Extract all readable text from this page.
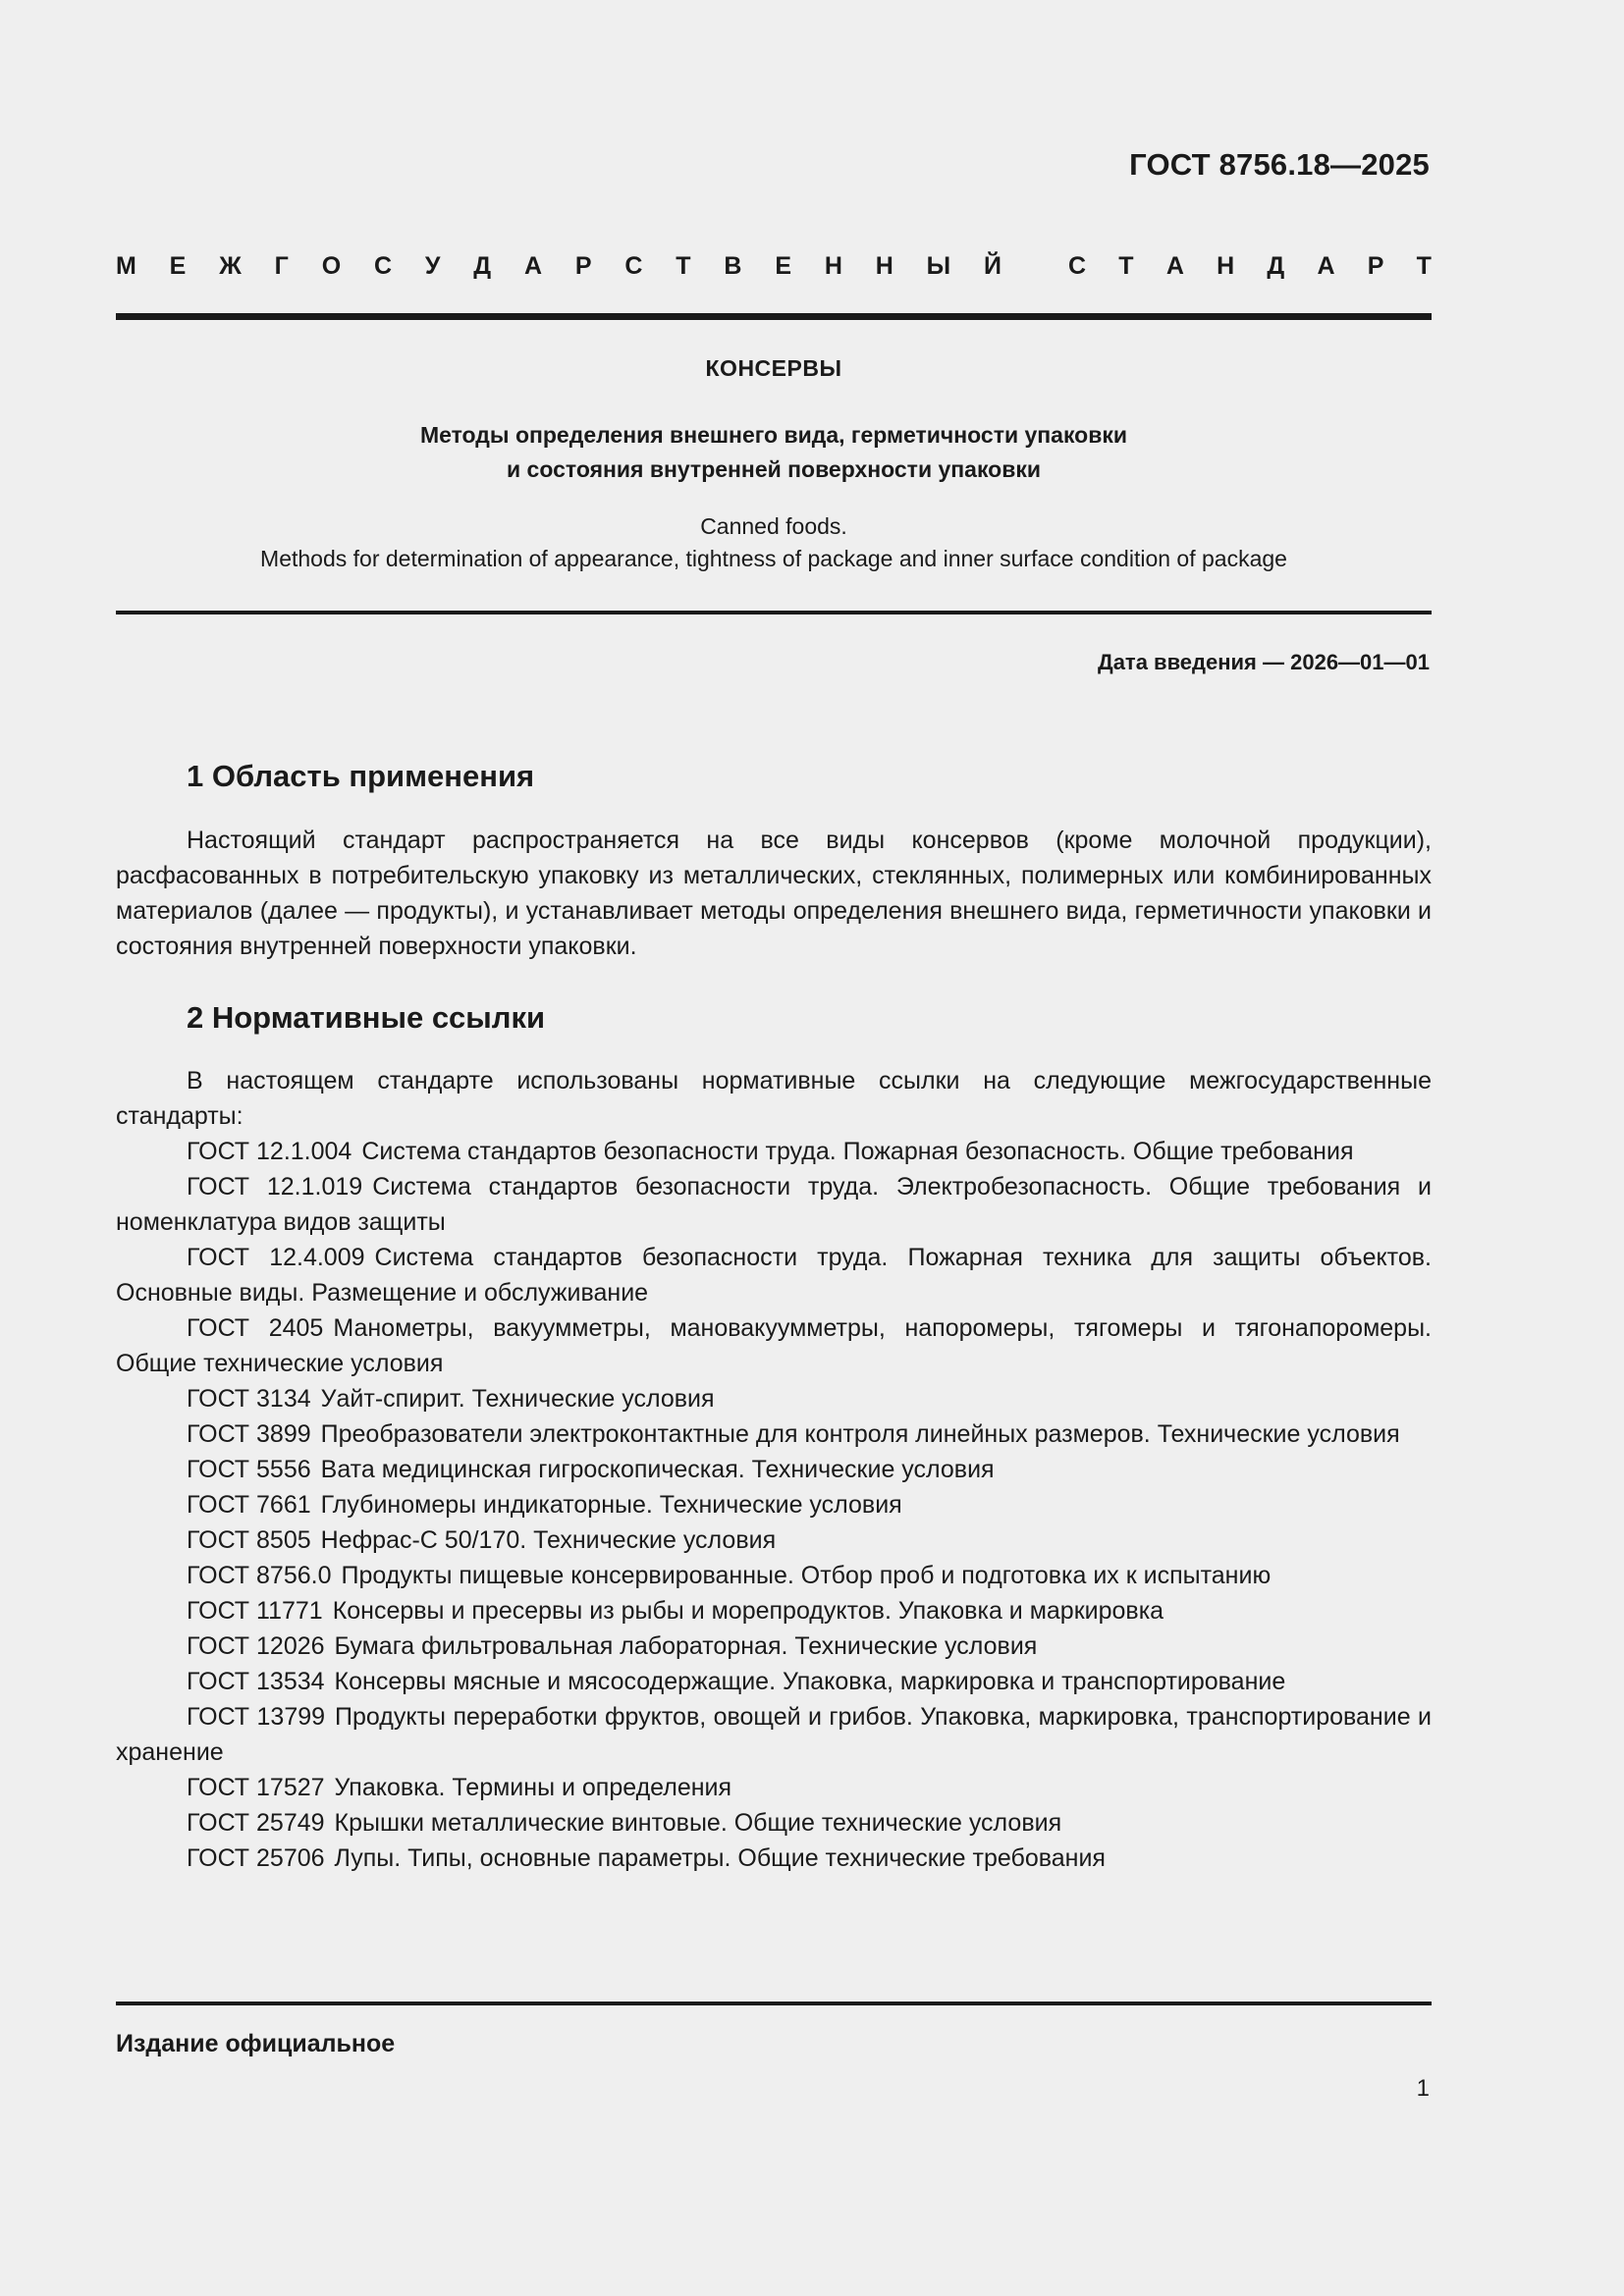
ГОСТ 8756.18—2025
М Е Ж Г О С У Д А Р С Т В Е Н Н Ы Й	С Т А Н Д А Р Т
КОНСЕРВЫ
Методы определения внешнего вида, герметичности упаковки
и состояния внутренней поверхности упаковки
Canned foods.
Methods for determination of appearance, tightness of package and inner surface condition of package
Дата введения — 2026—01—01
1 Область применения

Настоящий стандарт распространяется на все виды консервов (кроме молочной продукции), расфасованных в потребительскую упаковку из металлических, стеклянных, полимерных или комбинированных материалов (далее — продукты), и устанавливает методы определения внешнего вида, герметичности упаковки и состояния внутренней поверхности упаковки.

2 Нормативные ссылки

В настоящем стандарте использованы нормативные ссылки на следующие межгосударственные стандарты:

ГОСТ 12.1.004 Система стандартов безопасности труда. Пожарная безопасность. Общие требования

ГОСТ 12.1.019 Система стандартов безопасности труда. Электробезопасность. Общие требования и номенклатура видов защиты

ГОСТ 12.4.009 Система стандартов безопасности труда. Пожарная техника для защиты объектов. Основные виды. Размещение и обслуживание

ГОСТ 2405 Манометры, вакуумметры, мановакуумметры, напоромеры, тягомеры и тягонапоромеры. Общие технические условия

ГОСТ 3134 Уайт-спирит. Технические условия

ГОСТ 3899 Преобразователи электроконтактные для контроля линейных размеров. Технические условия

ГОСТ 5556 Вата медицинская гигроскопическая. Технические условия

ГОСТ 7661 Глубиномеры индикаторные. Технические условия

ГОСТ 8505 Нефрас-С 50/170. Технические условия

ГОСТ 8756.0 Продукты пищевые консервированные. Отбор проб и подготовка их к испытанию

ГОСТ 11771 Консервы и пресервы из рыбы и морепродуктов. Упаковка и маркировка

ГОСТ 12026 Бумага фильтровальная лабораторная. Технические условия

ГОСТ 13534 Консервы мясные и мясосодержащие. Упаковка, маркировка и транспортирование

ГОСТ 13799 Продукты переработки фруктов, овощей и грибов. Упаковка, маркировка, транспортирование и хранение

ГОСТ 17527 Упаковка. Термины и определения

ГОСТ 25749 Крышки металлические винтовые. Общие технические условия

ГОСТ 25706 Лупы. Типы, основные параметры. Общие технические требования

Издание официальное
1
